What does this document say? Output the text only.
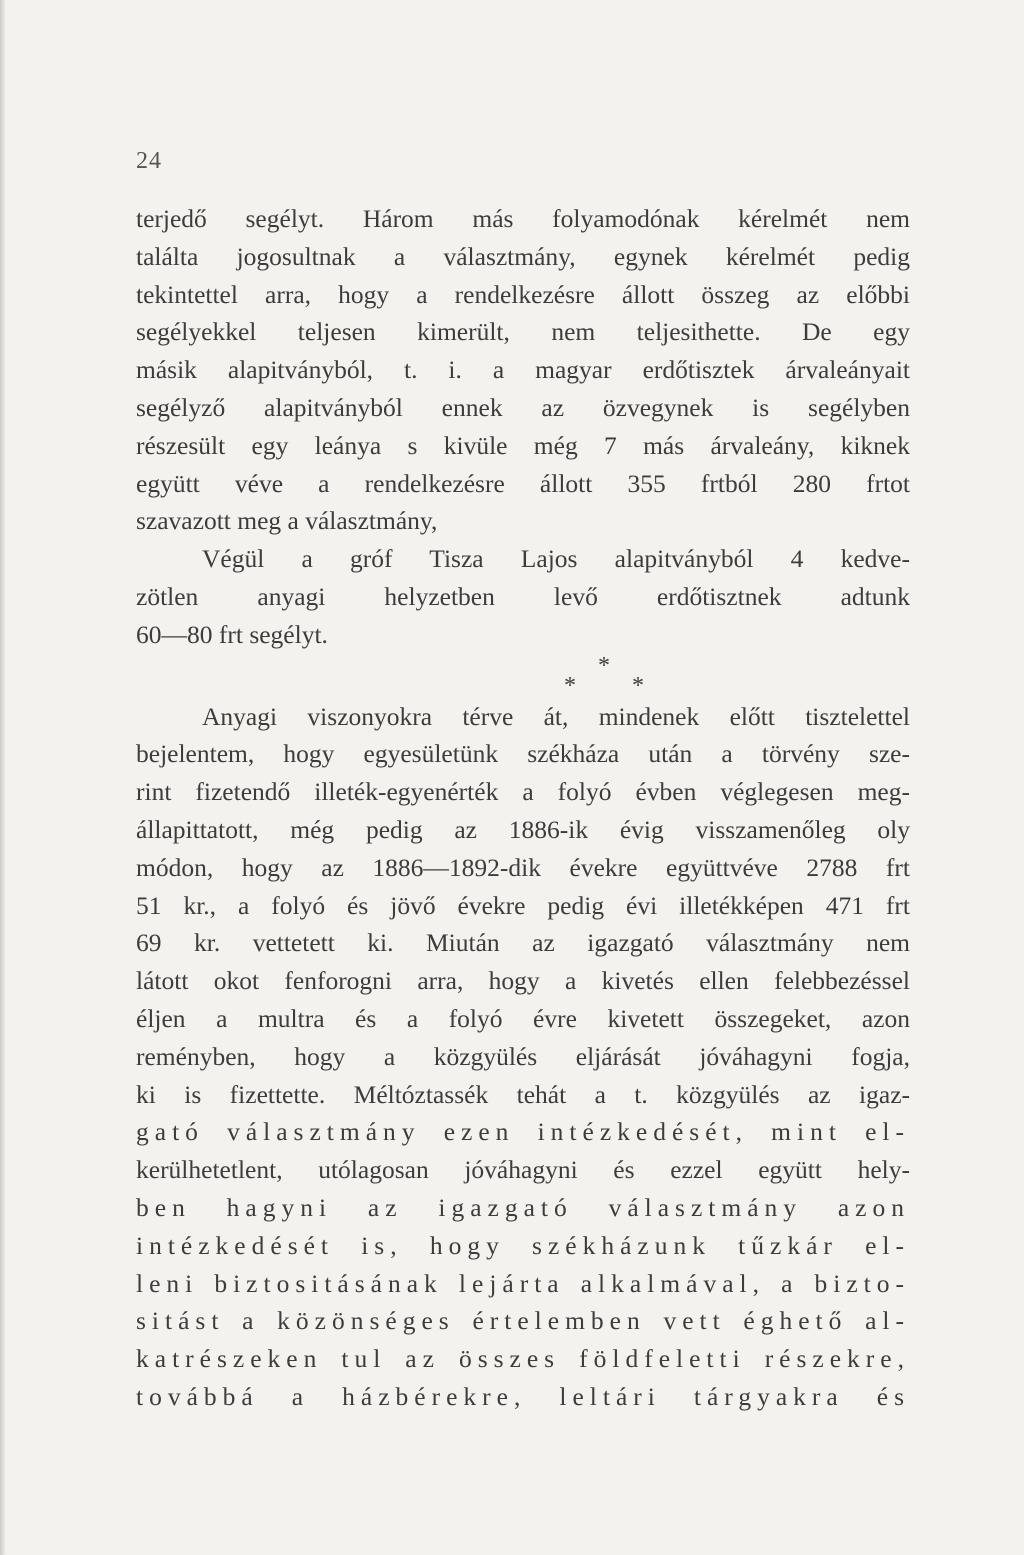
24
terjedő segélyt. Három más folyamodónak kérelmét nem
találta jogosultnak a választmány, egynek kérelmét pedig
tekintettel arra, hogy a rendelkezésre állott összeg az előbbi
segélyekkel teljesen kimerült, nem teljesithette. De egy
másik alapitványból, t. i. a magyar erdőtisztek árvaleányait
segélyző alapitványból ennek az özvegynek is segélyben
részesült egy leánya s kivüle még 7 más árvaleány, kiknek
együtt véve a rendelkezésre állott 355 frtból 280 frtot
szavazott meg a választmány,
Végül a gróf Tisza Lajos alapitványból 4 kedve-
zötlen anyagi helyzetben levő erdőtisztnek adtunk
60—80 frt segélyt.
*
* *
Anyagi viszonyokra térve át, mindenek előtt tisztelettel
bejelentem, hogy egyesületünk székháza után a törvény sze-
rint fizetendő illeték-egyenérték a folyó évben véglegesen meg-
állapittatott, még pedig az 1886-ik évig visszamenőleg oly
módon, hogy az 1886—1892-dik évekre együttvéve 2788 frt
51 kr., a folyó és jövő évekre pedig évi illetékképen 471 frt
69 kr. vettetett ki. Miután az igazgató választmány nem
látott okot fenforogni arra, hogy a kivetés ellen felebbezéssel
éljen a multra és a folyó évre kivetett összegeket, azon
reményben, hogy a közgyülés eljárását jóváhagyni fogja,
ki is fizettette. Méltóztassék tehát a t. közgyülés az igaz-
gató választmány ezen intézkedését, mint el-
kerülhetetlent, utólagosan jóváhagyni és ezzel együtt hely-
ben hagyni az igazgató választmány azon
intézkedését is, hogy székházunk tűzkár el-
leni biztositásának lejárta alkalmával, a bizto-
sitást a közönséges értelemben vett éghető al-
katrészeken tul az összes földfeletti részekre,
továbbá a házbérekre, leltári tárgyakra és
